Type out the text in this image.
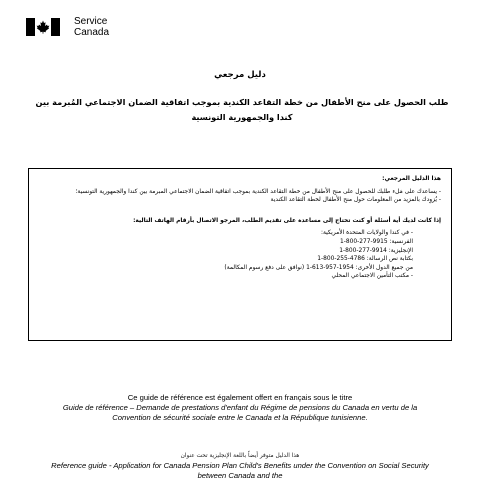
Service
Canada
دليل مرجعي
طلب الحصول على منح الأطفال من خطة التقاعد الكندية بموجب اتفاقية الضمان الاجتماعي المُبرمة بين كندا والجمهورية التونسية
هذا الدليل المرجعي:
- يساعدك على مَلء طلبك للحصول على منح الأطفال من خطة التقاعد الكندية بموجب اتفاقية الضمان الاجتماعي المبرمة بين كندا والجمهورية التونسية؛
- يُزوِدك بالمزيد من المعلومات حول منح الأطفال لخطة التقاعد الكندية
إذا كانت لديك أية أسئلة أو كنت تحتاج إلى مساعدة على تقديم الطلب، المرجو الاتصال بأرقام الهاتف التالية:
- في كندا والولايات المتحدة الأمريكية:
الفرنسية: 9915-277-800-1
الإنجليزية: 9914-277-800-1
بكتابة نص الرسالة: 4786-255-800-1
من جميع الدول الأخرى: 1954-957-613-1 (نوافق على دفع رسوم المكالمة)
- مكتب التأمين الاجتماعي المحلي
Ce guide de référence est également offert en français sous le titre
Guide de référence – Demande de prestations d'enfant du Régime de pensions du Canada en vertu de la Convention de sécurité sociale entre le Canada et la République tunisienne.
هذا الدليل متوفر أيضاً باللغة الإنجليزية تحت عنوان
Reference guide - Application for Canada Pension Plan Child's Benefits under the Convention on Social Security between Canada and the
